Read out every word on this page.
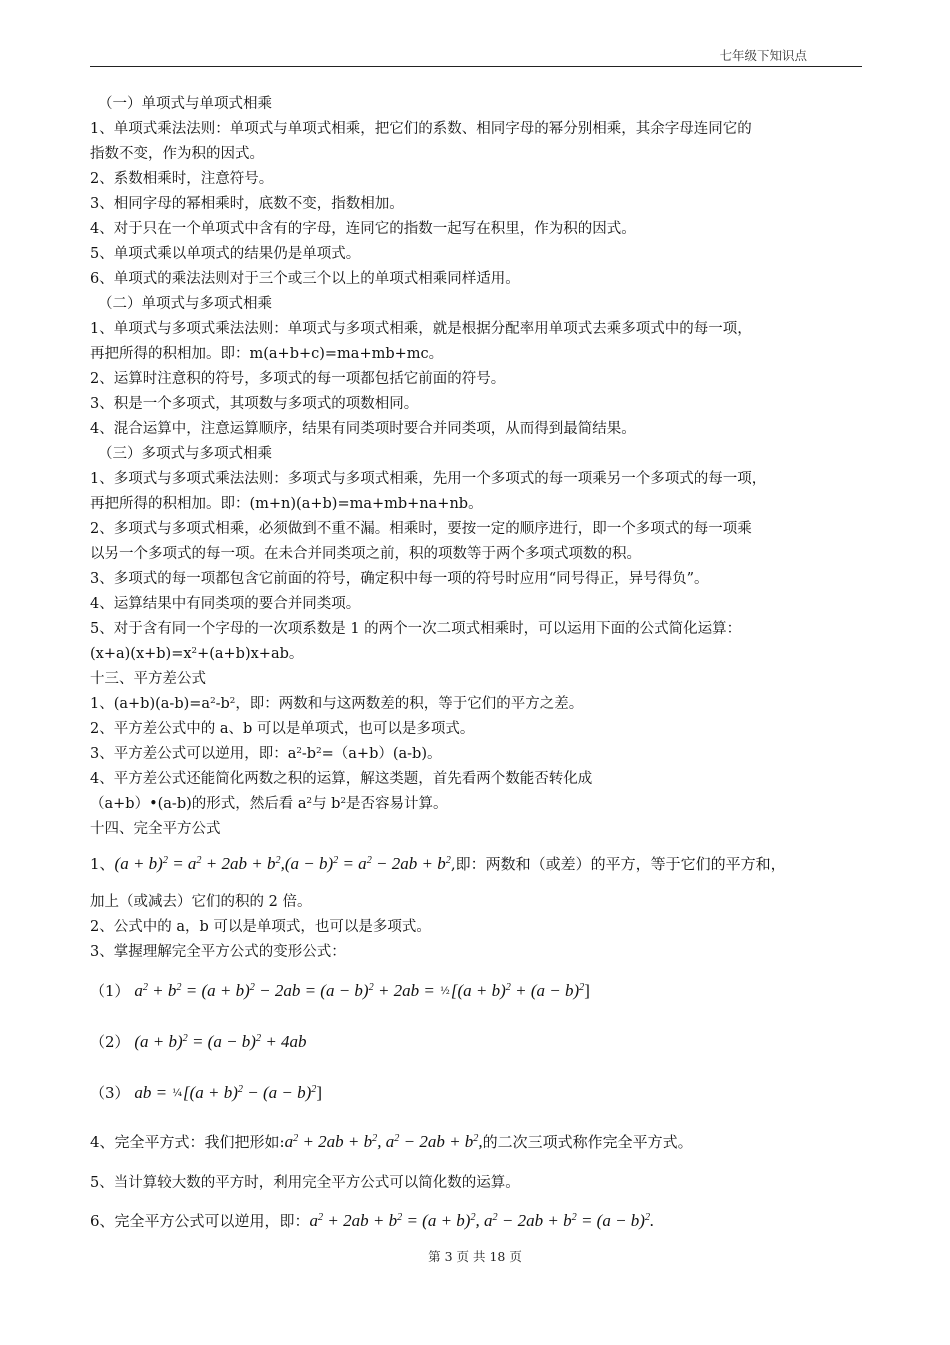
七年级下知识点
（一）单项式与单项式相乘
1、单项式乘法法则：单项式与单项式相乘，把它们的系数、相同字母的幂分别相乘，其余字母连同它的
指数不变，作为积的因式。
2、系数相乘时，注意符号。
3、相同字母的幂相乘时，底数不变，指数相加。
4、对于只在一个单项式中含有的字母，连同它的指数一起写在积里，作为积的因式。
5、单项式乘以单项式的结果仍是单项式。
6、单项式的乘法法则对于三个或三个以上的单项式相乘同样适用。
（二）单项式与多项式相乘
1、单项式与多项式乘法法则：单项式与多项式相乘，就是根据分配率用单项式去乘多项式中的每一项，
再把所得的积相加。即：m(a+b+c)=ma+mb+mc。
2、运算时注意积的符号，多项式的每一项都包括它前面的符号。
3、积是一个多项式，其项数与多项式的项数相同。
4、混合运算中，注意运算顺序，结果有同类项时要合并同类项，从而得到最简结果。
（三）多项式与多项式相乘
1、多项式与多项式乘法法则：多项式与多项式相乘，先用一个多项式的每一项乘另一个多项式的每一项，
再把所得的积相加。即：(m+n)(a+b)=ma+mb+na+nb。
2、多项式与多项式相乘，必须做到不重不漏。相乘时，要按一定的顺序进行，即一个多项式的每一项乘
以另一个多项式的每一项。在未合并同类项之前，积的项数等于两个多项式项数的积。
3、多项式的每一项都包含它前面的符号，确定积中每一项的符号时应用“同号得正，异号得负”。
4、运算结果中有同类项的要合并同类项。
5、对于含有同一个字母的一次项系数是 1 的两个一次二项式相乘时，可以运用下面的公式简化运算：
$(x+a)(x+b)=x^2+(a+b)x+ab$。
十三、平方差公式
1、$(a+b)(a-b)=a^2-b^2$，即：两数和与这两数差的积，等于它们的平方之差。
2、平方差公式中的 a、b 可以是单项式，也可以是多项式。
3、平方差公式可以逆用，即：$a^2-b^2=(a+b)(a-b)$。
4、平方差公式还能简化两数之积的运算，解这类题，首先看两个数能否转化成
（a+b）•(a-b)的形式，然后看 $a^2$与 $b^2$是否容易计算。
十四、完全平方公式
1、$(a + b)^2 = a^2 + 2ab + b^2,(a - b)^2 = a^2 - 2ab + b^2$,即：两数和（或差）的平方，等于它们的平方和，
加上（或减去）它们的积的 2 倍。
2、公式中的 a，b 可以是单项式，也可以是多项式。
3、掌握理解完全平方公式的变形公式：
（1） $a^2 + b^2 = (a + b)^2 - 2ab = (a - b)^2 + 2ab$ = ½[(a + $b)^2 + (a - b)^2$]
（2） $(a + b)^2 = (a - b)^2 + 4ab$
（3） ab = ¼[(a + $b)^2 - (a - b)^2$]
4、完全平方式：我们把形如$:a^2 + 2ab + b^2$, $a^2 - 2ab + b^2$,的二次三项式称作完全平方式。
5、当计算较大数的平方时，利用完全平方公式可以简化数的运算。
6、完全平方公式可以逆用，即：$a^2 + 2ab + b^2 = (a + b)^2$, $a^2 - 2ab + b^2 = (a - b)^2$.
第 3 页 共 18 页
